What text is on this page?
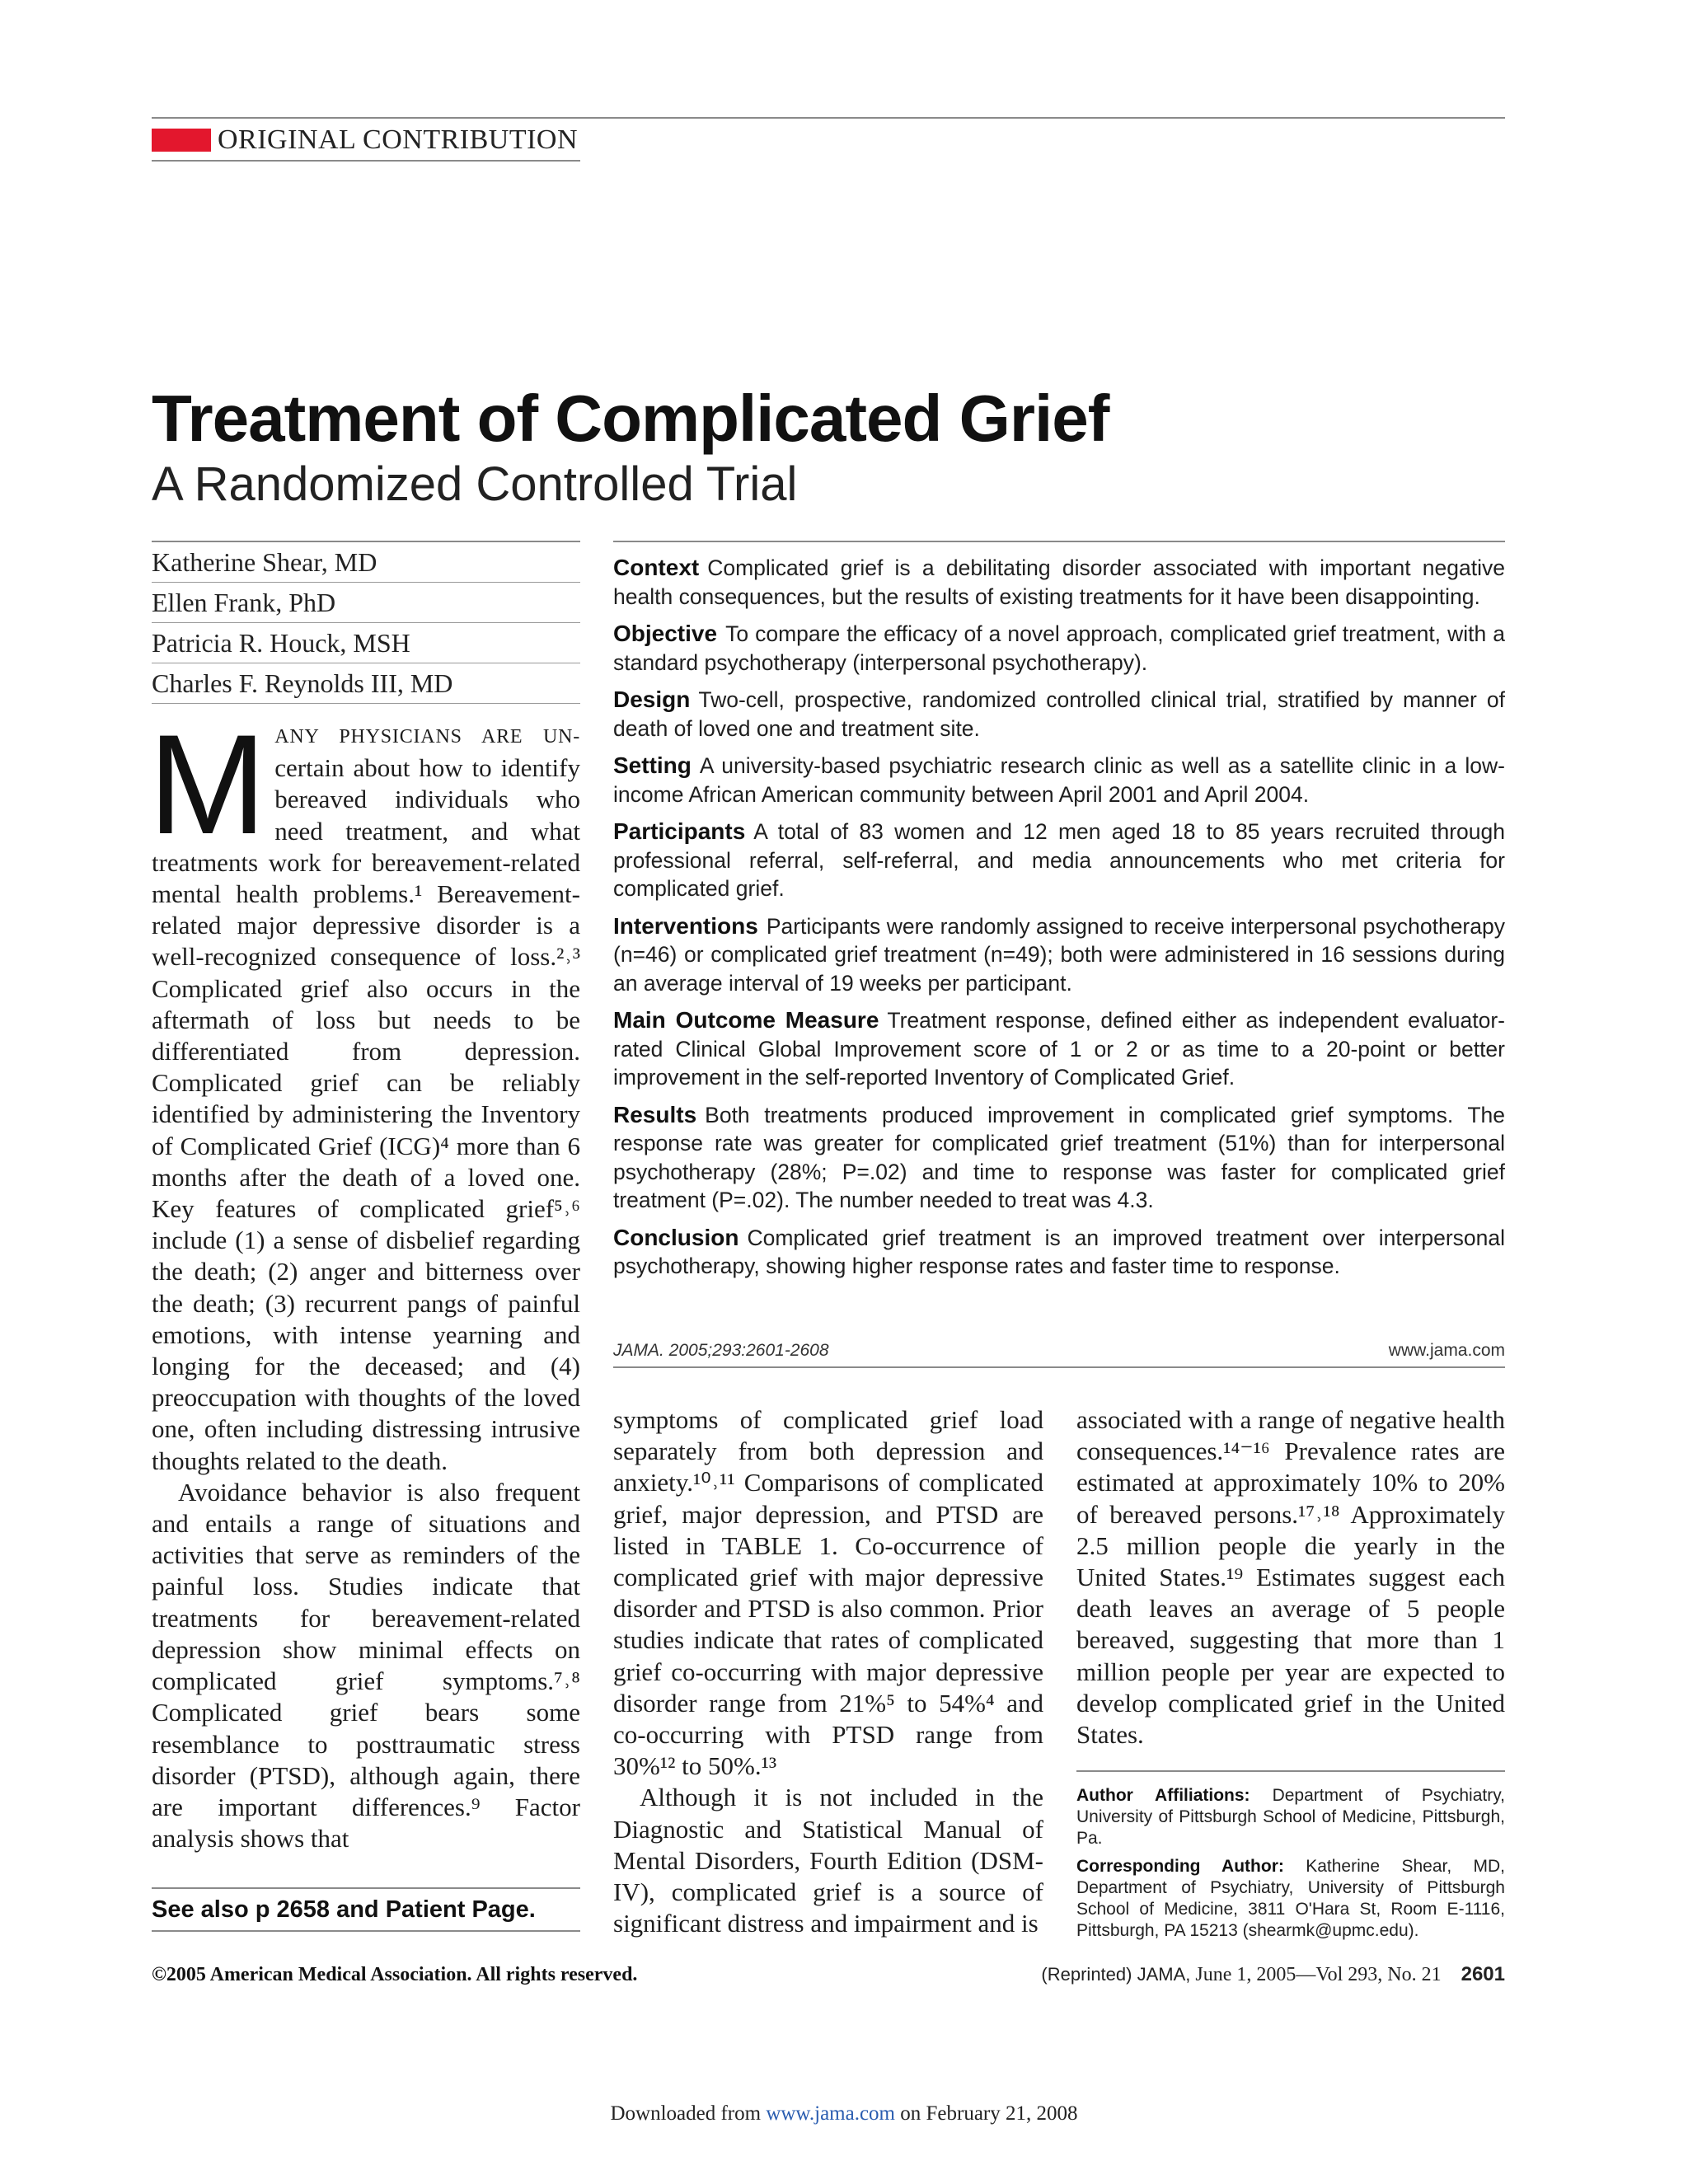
ORIGINAL CONTRIBUTION
Treatment of Complicated Grief
A Randomized Controlled Trial
Katherine Shear, MD
Ellen Frank, PhD
Patricia R. Houck, MSH
Charles F. Reynolds III, MD

Context Complicated grief is a debilitating disorder associated with important negative health consequences, but the results of existing treatments for it have been disappointing.

Objective To compare the efficacy of a novel approach, complicated grief treatment, with a standard psychotherapy (interpersonal psychotherapy).

Design Two-cell, prospective, randomized controlled clinical trial, stratified by manner of death of loved one and treatment site.

Setting A university-based psychiatric research clinic as well as a satellite clinic in a low-income African American community between April 2001 and April 2004.

Participants A total of 83 women and 12 men aged 18 to 85 years recruited through professional referral, self-referral, and media announcements who met criteria for complicated grief.

Interventions Participants were randomly assigned to receive interpersonal psychotherapy (n=46) or complicated grief treatment (n=49); both were administered in 16 sessions during an average interval of 19 weeks per participant.

Main Outcome Measure Treatment response, defined either as independent evaluator-rated Clinical Global Improvement score of 1 or 2 or as time to a 20-point or better improvement in the self-reported Inventory of Complicated Grief.

Results Both treatments produced improvement in complicated grief symptoms. The response rate was greater for complicated grief treatment (51%) than for interpersonal psychotherapy (28%; P=.02) and time to response was faster for complicated grief treatment (P=.02). The number needed to treat was 4.3.

Conclusion Complicated grief treatment is an improved treatment over interpersonal psychotherapy, showing higher response rates and faster time to response.

JAMA. 2005;293:2601-2608	www.jama.com

MANY PHYSICIANS ARE UN- certain about how to identify bereaved individuals who need treatment, and what treatments work for bereavement-related mental health problems.¹ Bereavement-related major depressive disorder is a well-recognized consequence of loss.²˒³ Complicated grief also occurs in the aftermath of loss but needs to be differentiated from depression. Complicated grief can be reliably identified by administering the Inventory of Complicated Grief (ICG)⁴ more than 6 months after the death of a loved one. Key features of complicated grief⁵˒⁶ include (1) a sense of disbelief regarding the death; (2) anger and bitterness over the death; (3) recurrent pangs of painful emotions, with intense yearning and longing for the deceased; and (4) preoccupation with thoughts of the loved one, often including distressing intrusive thoughts related to the death.

Avoidance behavior is also frequent and entails a range of situations and activities that serve as reminders of the painful loss. Studies indicate that treatments for bereavement-related depression show minimal effects on complicated grief symptoms.⁷˒⁸ Complicated grief bears some resemblance to posttraumatic stress disorder (PTSD), although again, there are important differences.⁹ Factor analysis shows that

See also p 2658 and Patient Page.

symptoms of complicated grief load separately from both depression and anxiety.¹⁰˒¹¹ Comparisons of complicated grief, major depression, and PTSD are listed in TABLE 1. Co-occurrence of complicated grief with major depressive disorder and PTSD is also common. Prior studies indicate that rates of complicated grief co-occurring with major depressive disorder range from 21%⁵ to 54%⁴ and co-occurring with PTSD range from 30%¹² to 50%.¹³

Although it is not included in the Diagnostic and Statistical Manual of Mental Disorders, Fourth Edition (DSM-IV), complicated grief is a source of significant distress and impairment and is

associated with a range of negative health consequences.¹⁴⁻¹⁶ Prevalence rates are estimated at approximately 10% to 20% of bereaved persons.¹⁷˒¹⁸ Approximately 2.5 million people die yearly in the United States.¹⁹ Estimates suggest each death leaves an average of 5 people bereaved, suggesting that more than 1 million people per year are expected to develop complicated grief in the United States.

Author Affiliations: Department of Psychiatry, University of Pittsburgh School of Medicine, Pittsburgh, Pa.

Corresponding Author: Katherine Shear, MD, Department of Psychiatry, University of Pittsburgh School of Medicine, 3811 O'Hara St, Room E-1116, Pittsburgh, PA 15213 (shearmk@upmc.edu).

©2005 American Medical Association. All rights reserved.	(Reprinted) JAMA, June 1, 2005—Vol 293, No. 21 2601
Downloaded from www.jama.com on February 21, 2008
